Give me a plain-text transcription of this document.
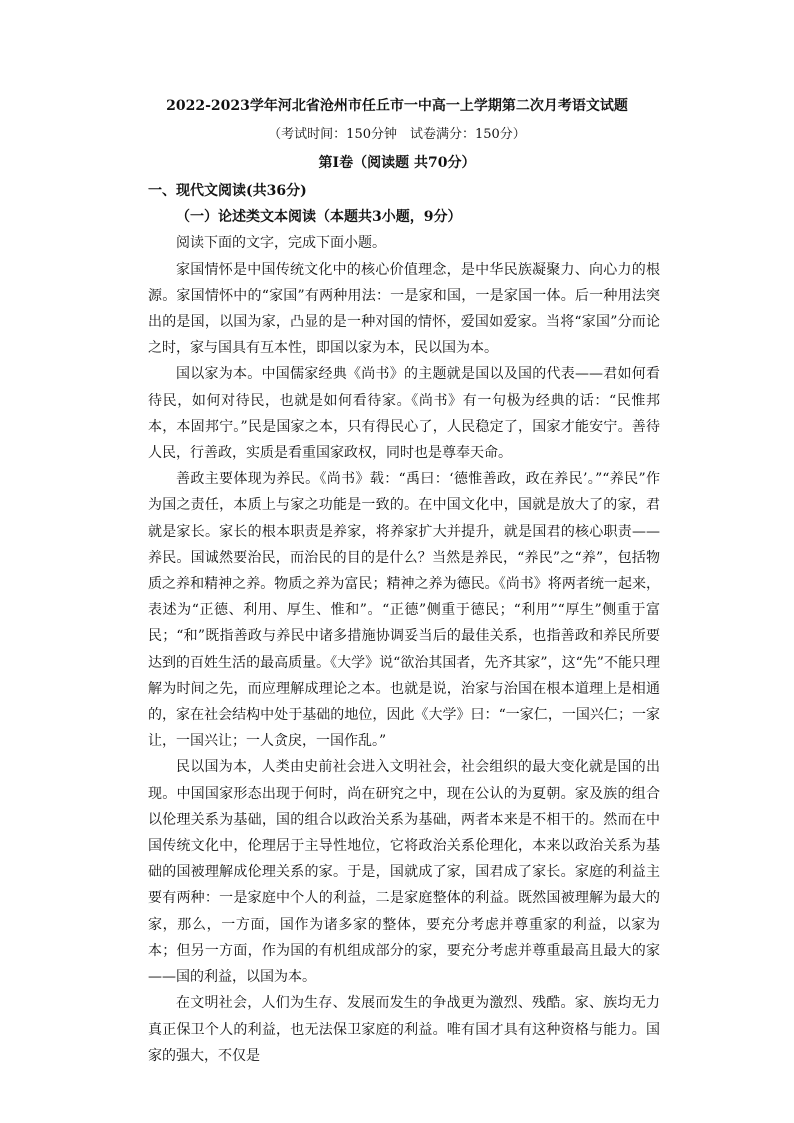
2022-2023学年河北省沧州市任丘市一中高一上学期第二次月考语文试题
（考试时间：150分钟　试卷满分：150分）
第Ⅰ卷（阅读题 共70分）

一、现代文阅读(共36分)

（一）论述类文本阅读（本题共3小题，9分）

阅读下面的文字，完成下面小题。

家国情怀是中国传统文化中的核心价值理念，是中华民族凝聚力、向心力的根源。家国情怀中的“家国”有两种用法：一是家和国，一是家国一体。后一种用法突出的是国，以国为家，凸显的是一种对国的情怀，爱国如爱家。当将“家国”分而论之时，家与国具有互本性，即国以家为本，民以国为本。

国以家为本。中国儒家经典《尚书》的主题就是国以及国的代表——君如何看待民，如何对待民，也就是如何看待家。《尚书》有一句极为经典的话：“民惟邦本，本固邦宁。”民是国家之本，只有得民心了，人民稳定了，国家才能安宁。善待人民，行善政，实质是看重国家政权，同时也是尊奉天命。

善政主要体现为养民。《尚书》载：“禹曰：‘德惟善政，政在养民’。”“养民”作为国之责任，本质上与家之功能是一致的。在中国文化中，国就是放大了的家，君就是家长。家长的根本职责是养家，将养家扩大并提升，就是国君的核心职责——养民。国诚然要治民，而治民的目的是什么？当然是养民，“养民”之“养”，包括物质之养和精神之养。物质之养为富民；精神之养为德民。《尚书》将两者统一起来，表述为“正德、利用、厚生、惟和”。“正德”侧重于德民；“利用”“厚生”侧重于富民；“和”既指善政与养民中诸多措施协调妥当后的最佳关系，也指善政和养民所要达到的百姓生活的最高质量。《大学》说“欲治其国者，先齐其家”，这“先”不能只理解为时间之先，而应理解成理论之本。也就是说，治家与治国在根本道理上是相通的，家在社会结构中处于基础的地位，因此《大学》曰：“一家仁，一国兴仁；一家让，一国兴让；一人贪戾，一国作乱。”

民以国为本，人类由史前社会进入文明社会，社会组织的最大变化就是国的出现。中国国家形态出现于何时，尚在研究之中，现在公认的为夏朝。家及族的组合以伦理关系为基础，国的组合以政治关系为基础，两者本来是不相干的。然而在中国传统文化中，伦理居于主导性地位，它将政治关系伦理化，本来以政治关系为基础的国被理解成伦理关系的家。于是，国就成了家，国君成了家长。家庭的利益主要有两种：一是家庭中个人的利益，二是家庭整体的利益。既然国被理解为最大的家，那么，一方面，国作为诸多家的整体，要充分考虑并尊重家的利益，以家为本；但另一方面，作为国的有机组成部分的家，要充分考虑并尊重最高且最大的家——国的利益，以国为本。

在文明社会，人们为生存、发展而发生的争战更为激烈、残酷。家、族均无力真正保卫个人的利益，也无法保卫家庭的利益。唯有国才具有这种资格与能力。国家的强大，不仅是
